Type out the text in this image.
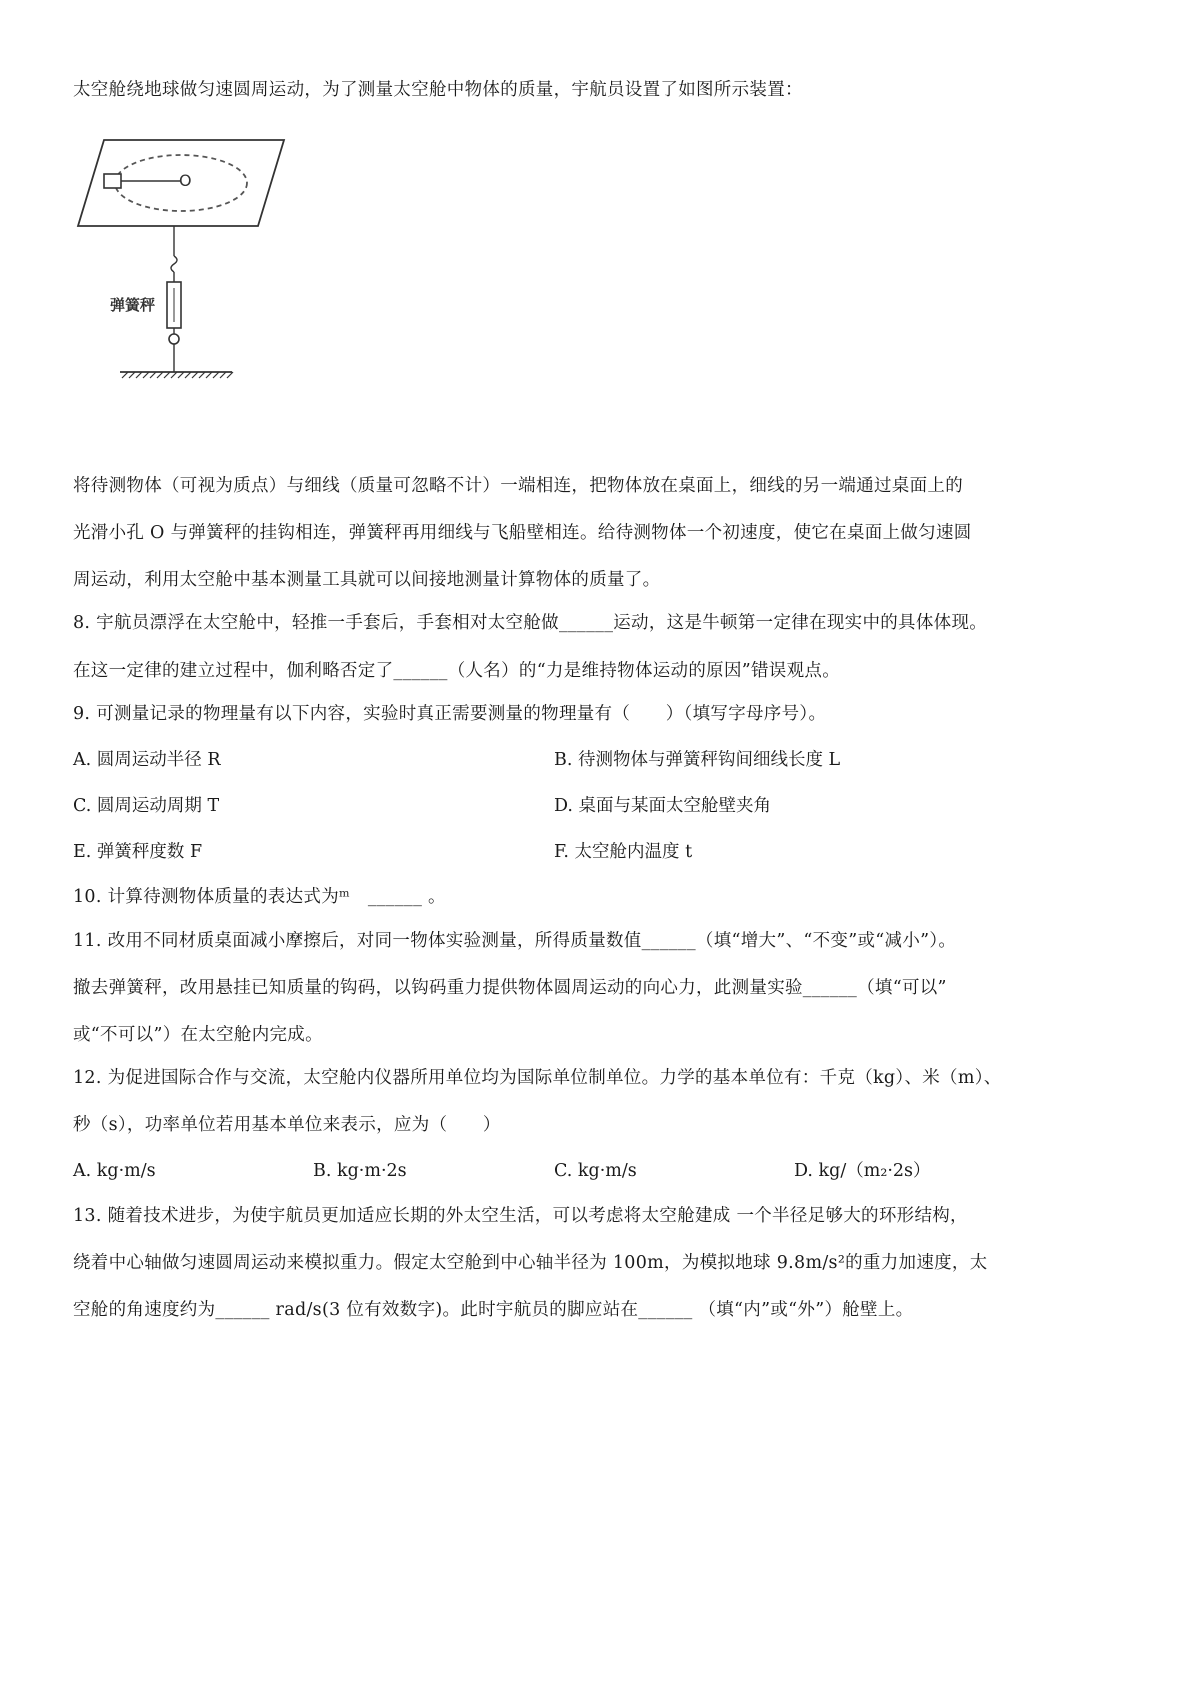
太空舱绕地球做匀速圆周运动，为了测量太空舱中物体的质量，宇航员设置了如图所示装置：
O
弹簧秤
将待测物体（可视为质点）与细线（质量可忽略不计）一端相连，把物体放在桌面上，细线的另一端通过桌面上的
光滑小孔 O 与弹簧秤的挂钩相连，弹簧秤再用细线与飞船壁相连。给待测物体一个初速度，使它在桌面上做匀速圆
周运动，利用太空舱中基本测量工具就可以间接地测量计算物体的质量了。
8. 宇航员漂浮在太空舱中，轻推一手套后，手套相对太空舱做______运动，这是牛顿第一定律在现实中的具体体现。
在这一定律的建立过程中，伽利略否定了______（人名）的“力是维持物体运动的原因”错误观点。
9. 可测量记录的物理量有以下内容，实验时真正需要测量的物理量有（　　）（填写字母序号）。
A. 圆周运动半径 R	B. 待测物体与弹簧秤钩间细线长度 L
C. 圆周运动周期 T	D. 桌面与某面太空舱壁夹角
E. 弹簧秤度数 F	F. 太空舱内温度 t
10. 计算待测物体质量的表达式为ᵐ　______ 。
11. 改用不同材质桌面减小摩擦后，对同一物体实验测量，所得质量数值______（填“增大”、“不变”或“减小”）。
撤去弹簧秤，改用悬挂已知质量的钩码，以钩码重力提供物体圆周运动的向心力，此测量实验______（填“可以”
或“不可以”）在太空舱内完成。
12. 为促进国际合作与交流，太空舱内仪器所用单位均为国际单位制单位。力学的基本单位有：千克（kg）、米（m）、
秒（s），功率单位若用基本单位来表示，应为（　　）
A. kg·m/s	B. kg·m·2s	C. kg·m/s	D. kg/（m₂·2s）
13. 随着技术进步，为使宇航员更加适应长期的外太空生活，可以考虑将太空舱建成 一个半径足够大的环形结构，
绕着中心轴做匀速圆周运动来模拟重力。假定太空舱到中心轴半径为 100m，为模拟地球 9.8m/s²的重力加速度，太
空舱的角速度约为______ rad/s(3 位有效数字)。此时宇航员的脚应站在______ （填“内”或“外”）舱壁上。
